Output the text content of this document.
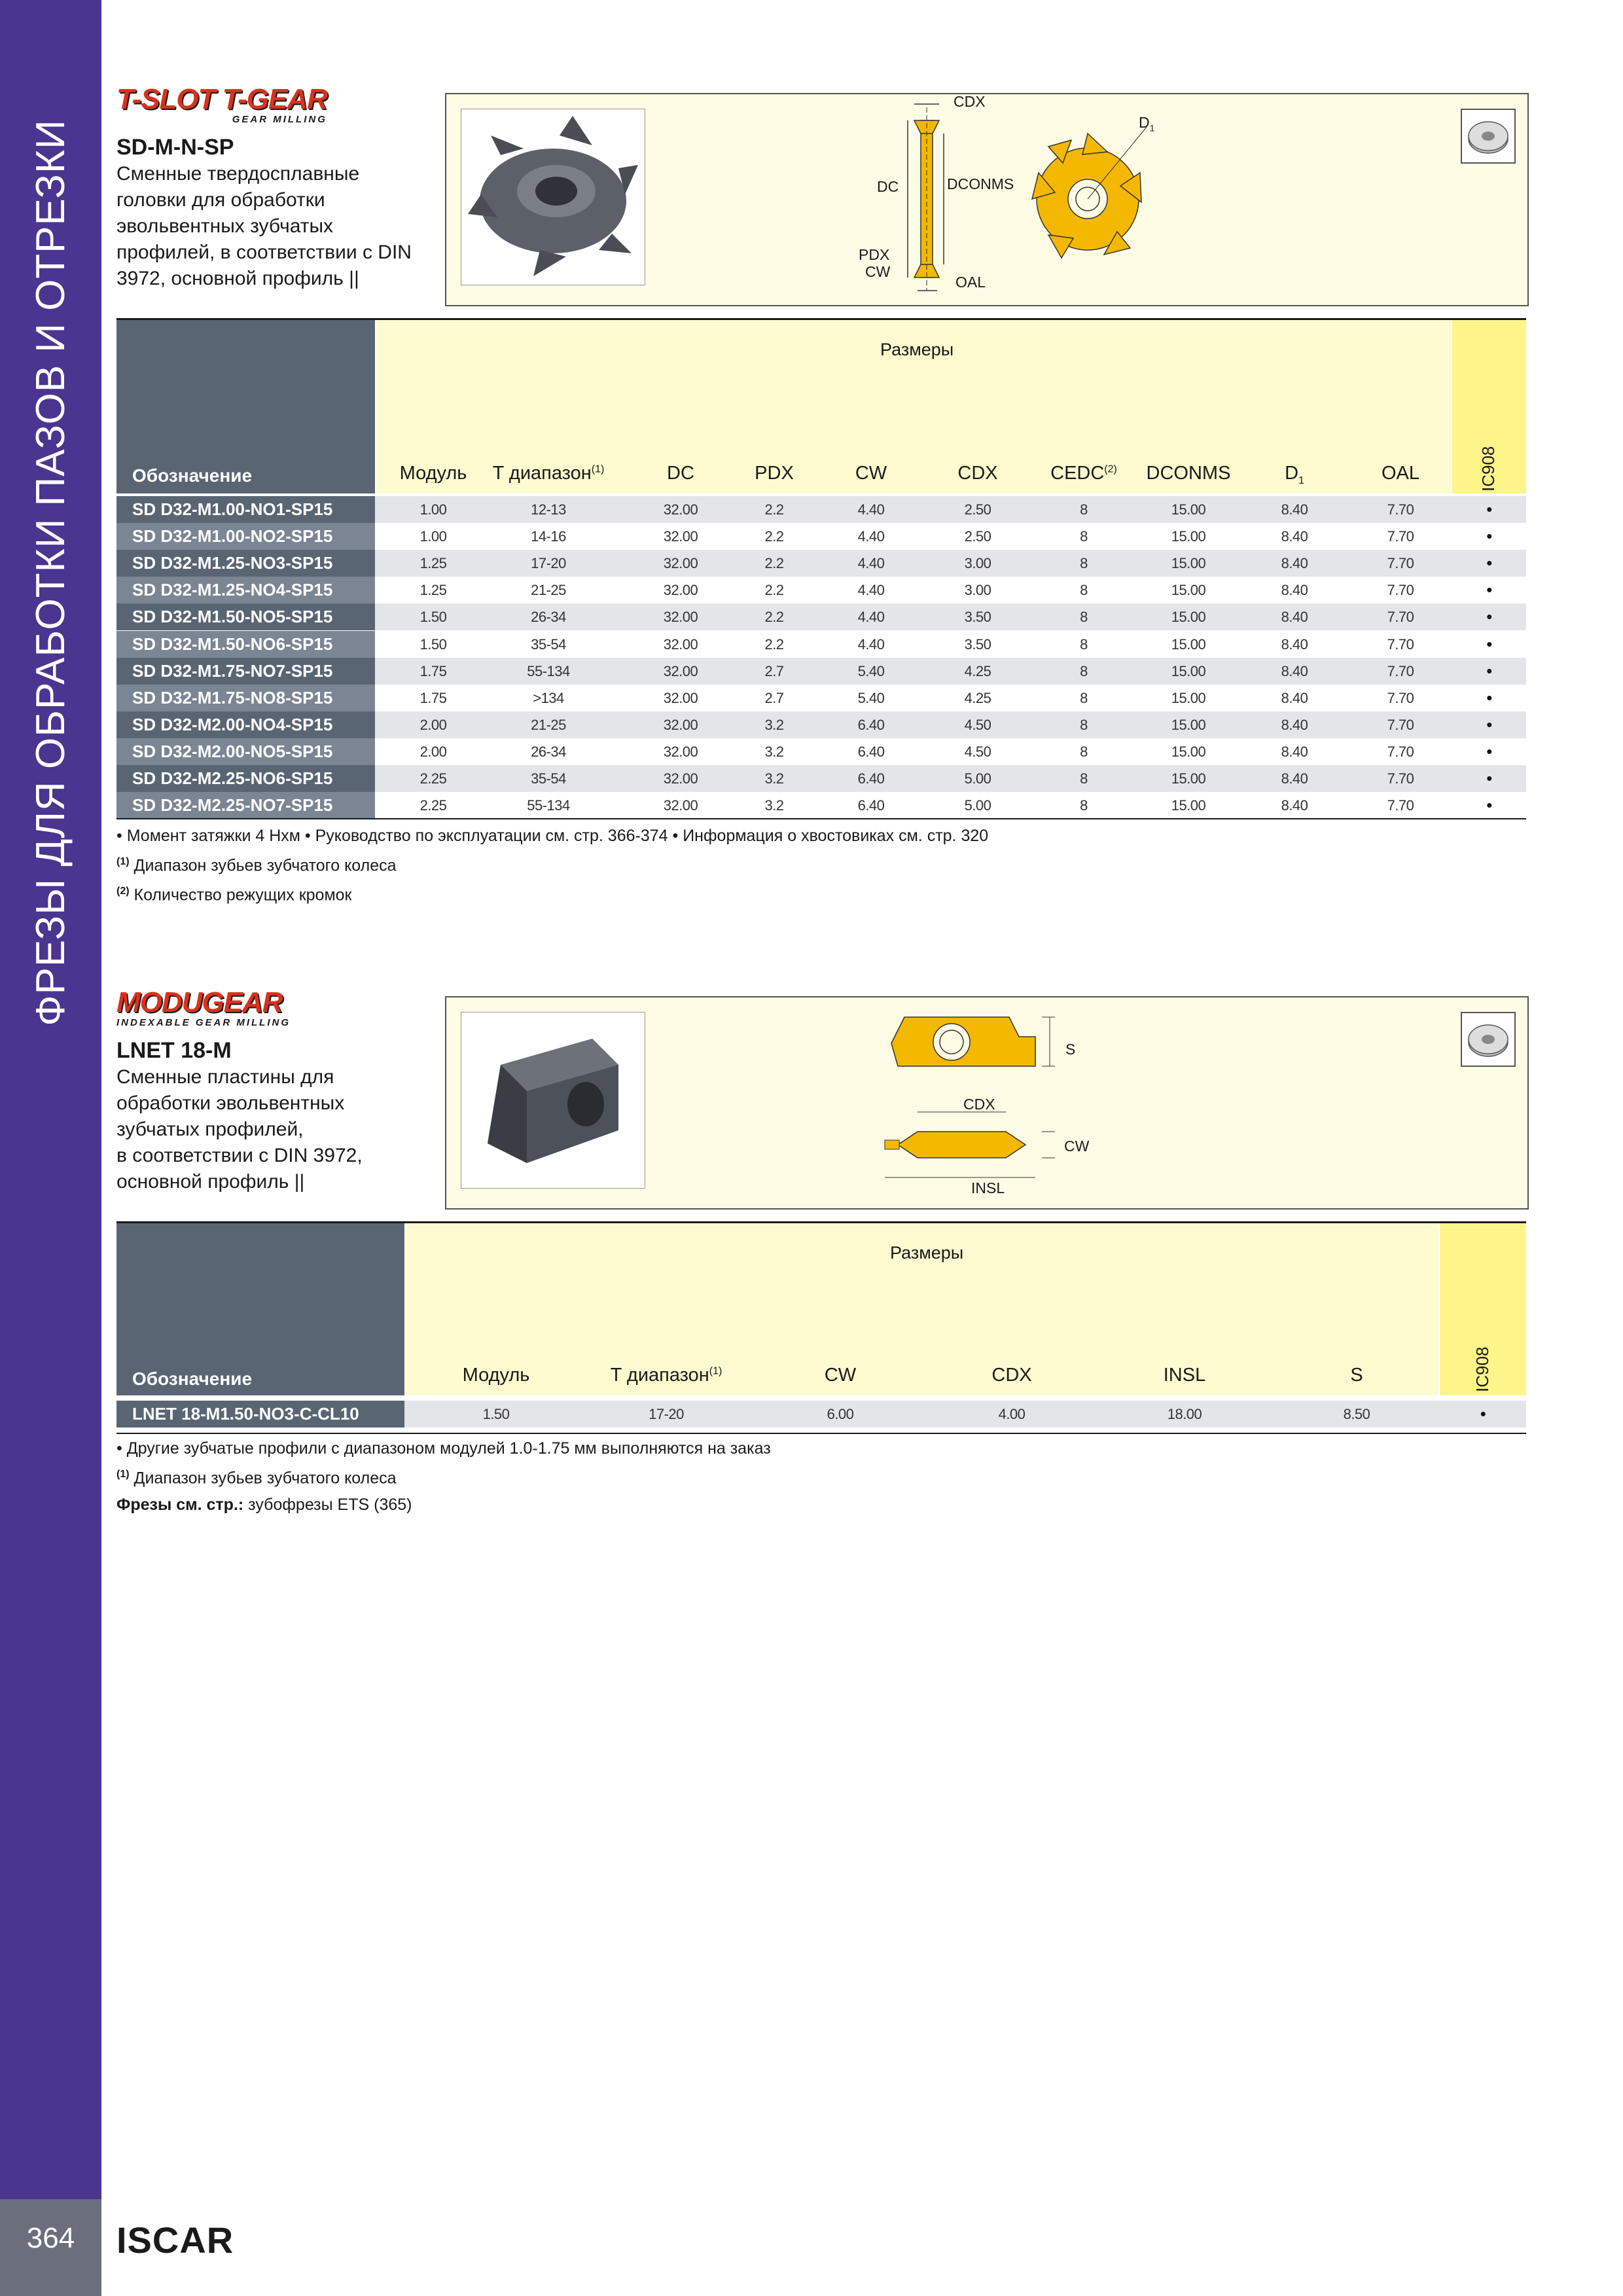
ФРЕЗЫ ДЛЯ ОБРАБОТКИ ПАЗОВ И ОТРЕЗКИ
364	ISCAR
T-SLOT T-GEAR
GEAR MILLING
SD-M-N-SP
Сменные твердосплавные
головки для обработки
эвольвентных зубчатых
профилей, в соответствии с DIN
3972, основной профиль ||
CDX
DC	DCONMS
PDX
CW
OAL
$D_1$
Обозначение
Размеры
IC908
Модуль	T диапазон$^{(1)}$	DC	PDX	CW	CDX	CEDC$^{(2)}$	DCONMS	$D^1$	OAL
SD D32-M1.00-NO1-SP15	1.00	12-13	32.00	2.2	4.40	2.50	8	15.00	8.40	7.70	•
SD D32-M1.00-NO2-SP15	1.00	14-16	32.00	2.2	4.40	2.50	8	15.00	8.40	7.70	•
SD D32-M1.25-NO3-SP15	1.25	17-20	32.00	2.2	4.40	3.00	8	15.00	8.40	7.70	•
SD D32-M1.25-NO4-SP15	1.25	21-25	32.00	2.2	4.40	3.00	8	15.00	8.40	7.70	•
SD D32-M1.50-NO5-SP15	1.50	26-34	32.00	2.2	4.40	3.50	8	15.00	8.40	7.70	•
SD D32-M1.50-NO6-SP15	1.50	35-54	32.00	2.2	4.40	3.50	8	15.00	8.40	7.70	•
SD D32-M1.75-NO7-SP15	1.75	55-134	32.00	2.7	5.40	4.25	8	15.00	8.40	7.70	•
SD D32-M1.75-NO8-SP15	1.75	>134	32.00	2.7	5.40	4.25	8	15.00	8.40	7.70	•
SD D32-M2.00-NO4-SP15	2.00	21-25	32.00	3.2	6.40	4.50	8	15.00	8.40	7.70	•
SD D32-M2.00-NO5-SP15	2.00	26-34	32.00	3.2	6.40	4.50	8	15.00	8.40	7.70	•
SD D32-M2.25-NO6-SP15	2.25	35-54	32.00	3.2	6.40	5.00	8	15.00	8.40	7.70	•
SD D32-M2.25-NO7-SP15	2.25	55-134	32.00	3.2	6.40	5.00	8	15.00	8.40	7.70	•
• Момент затяжки 4 Нхм • Руководство по эксплуатации см. стр. 366-374 • Информация о хвостовиках см. стр. 320
$^{(1)}$ Диапазон зубьев зубчатого колеса
$^{(2)}$ Количество режущих кромок
MODUGEAR
INDEXABLE GEAR MILLING
LNET 18-M
Сменные пластины для
обработки эвольвентных
зубчатых профилей,
в соответствии с DIN 3972,
основной профиль ||
S
CDX
CW
INSL
Обозначение
Размеры
IC908
Модуль	T диапазон$^{(1)}$	CW	CDX	INSL	S
LNET 18-M1.50-NO3-C-CL10	1.50	17-20	6.00	4.00	18.00	8.50	•
• Другие зубчатые профили с диапазоном модулей 1.0-1.75 мм выполняются на заказ
$^{(1)}$ Диапазон зубьев зубчатого колеса
Фрезы см. стр.: зубофрезы ETS (365)
